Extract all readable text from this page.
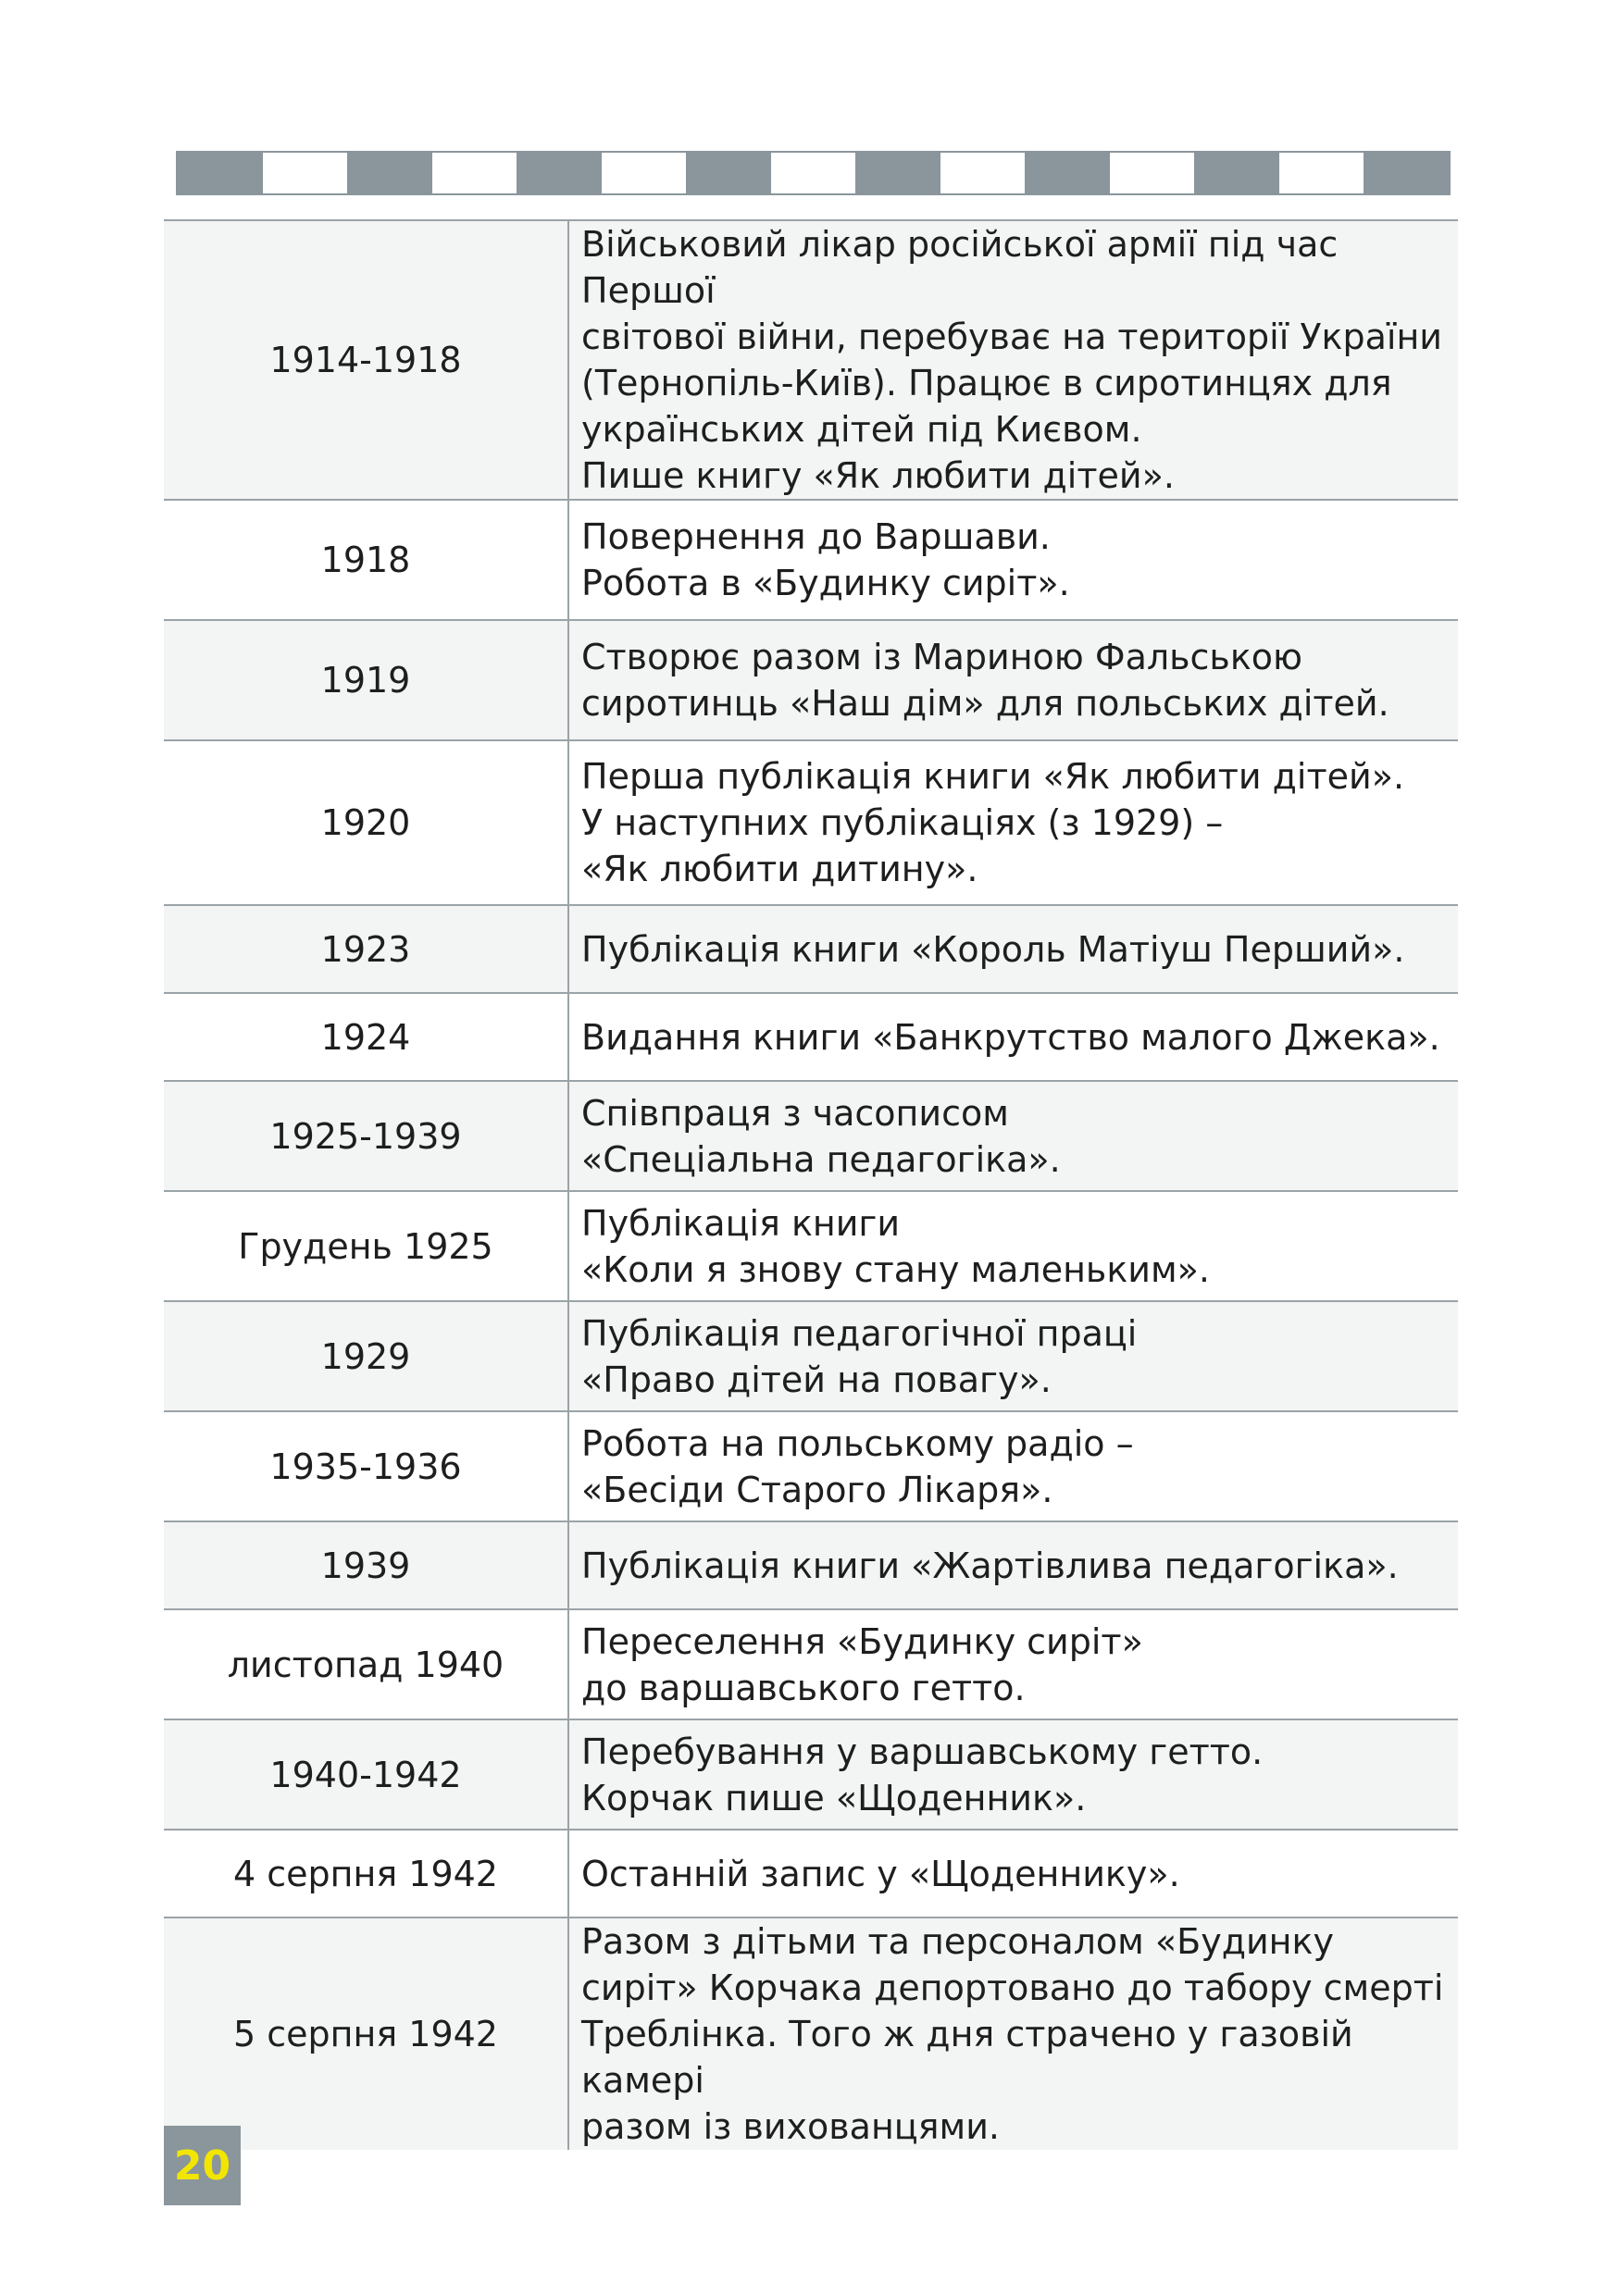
1914-1918	Військовий лікар російської армії під час Першої
світової війни, перебуває на території України
(Тернопіль-Київ). Працює в сиротинцях для
українських дітей під Києвом.
Пише книгу «Як любити дітей».

1918	Повернення до Варшави.
Робота в «Будинку сиріт».

1919	Створює разом із Мариною Фальською
сиротинць «Наш дім» для польських дітей.

1920	Перша публікація книги «Як любити дітей».
У наступних публікаціях (з 1929) –
«Як любити дитину».

1923	Публікація книги «Король Матіуш Перший».

1924	Видання книги «Банкрутство малого Джека».

1925-1939	Співпраця з часописом
«Спеціальна педагогіка».

Грудень 1925	Публікація книги
«Коли я знову стану маленьким».

1929	Публікація педагогічної праці
«Право дітей на повагу».

1935-1936	Робота на польському радіо –
«Бесіди Старого Лікаря».

1939	Публікація книги «Жартівлива педагогіка».

листопад 1940	Переселення «Будинку сиріт»
до варшавського гетто.

1940-1942	Перебування у варшавському гетто.
Корчак пише «Щоденник».

4 серпня 1942	Останній запис у «Щоденнику».

5 серпня 1942	Разом з дітьми та персоналом «Будинку
сиріт» Корчака депортовано до табору смерті
Треблінка. Того ж дня страчено у газовій камері
разом із вихованцями.
20
